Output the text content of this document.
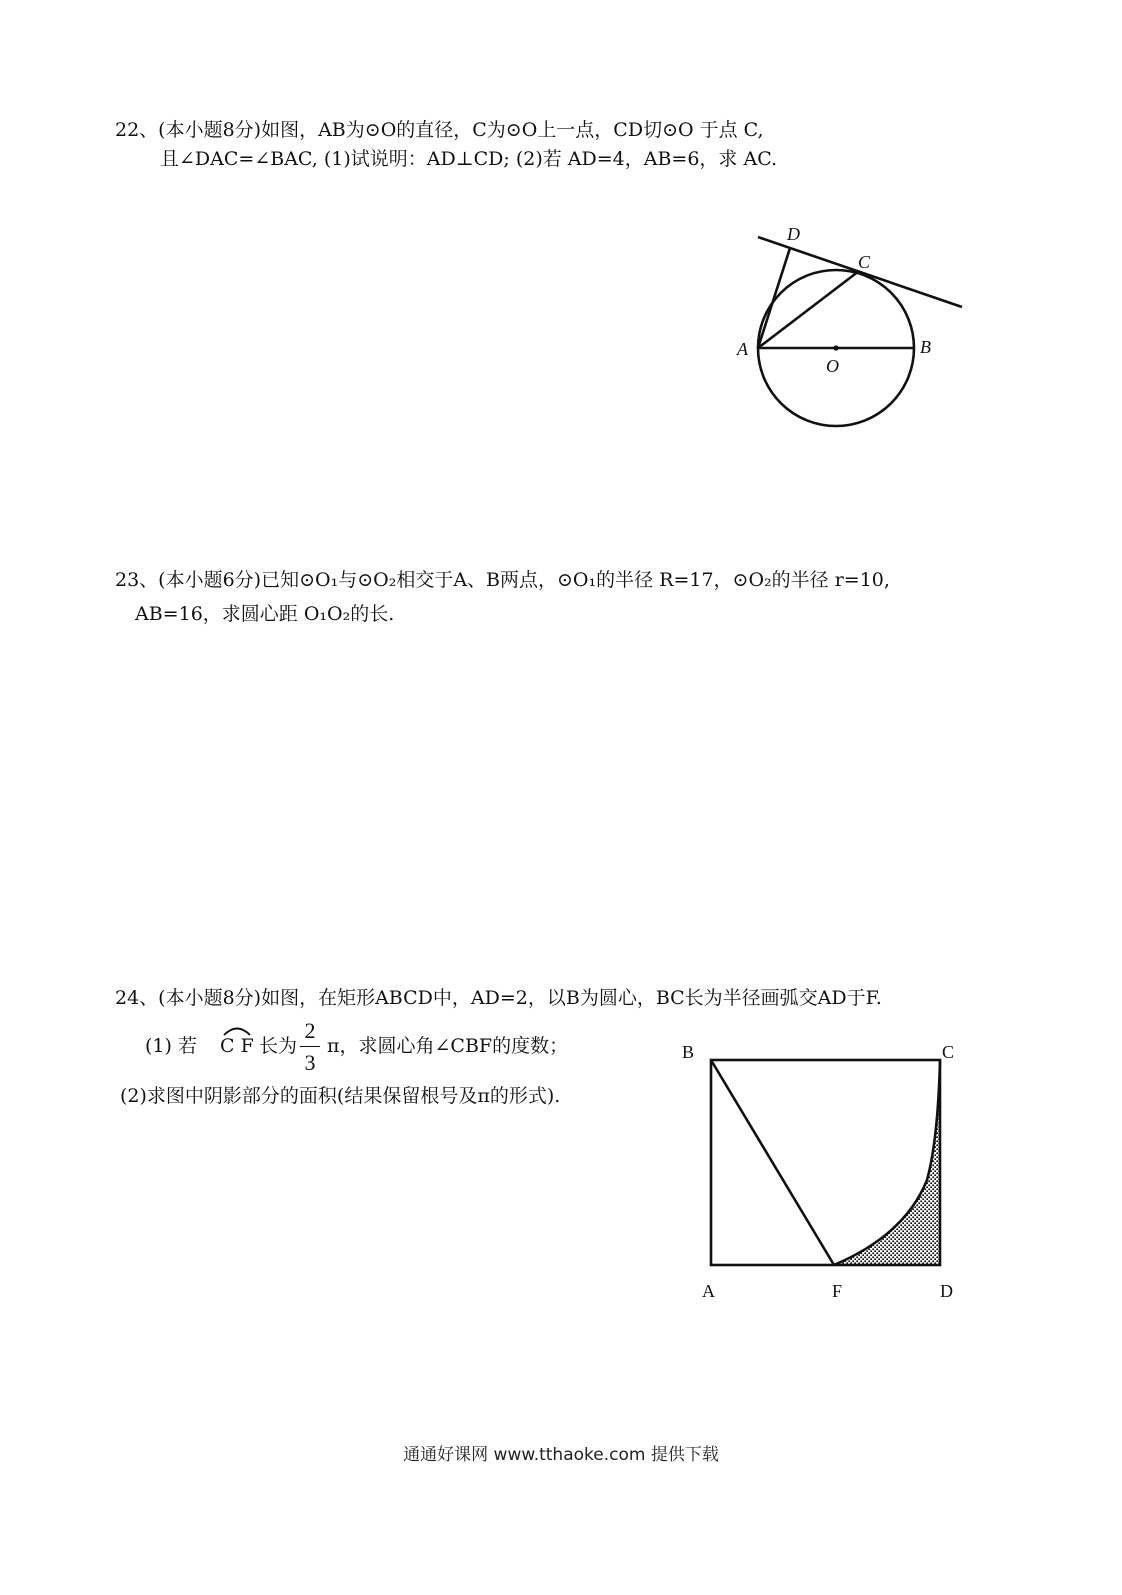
22、(本小题8分)如图，AB为⊙O的直径，C为⊙O上一点，CD切⊙O 于点 C,
且∠DAC=∠BAC, (1)试说明：AD⊥CD; (2)若 AD=4，AB=6，求 AC.
D
C
A	B
O
23、(本小题6分)已知⊙O₁与⊙O₂相交于A、B两点，⊙O₁的半径 R=17，⊙O₂的半径 r=10,
AB=16，求圆心距 O₁O₂的长.
24、(本小题8分)如图，在矩形ABCD中，AD=2，以B为圆心，BC长为半径画弧交AD于F.
(1) 若 C F 长为
2
3
π，求圆心角∠CBF的度数；
(2)求图中阴影部分的面积(结果保留根号及π的形式).
B	C
A	F	D
通通好课网 www.tthaoke.com 提供下载
